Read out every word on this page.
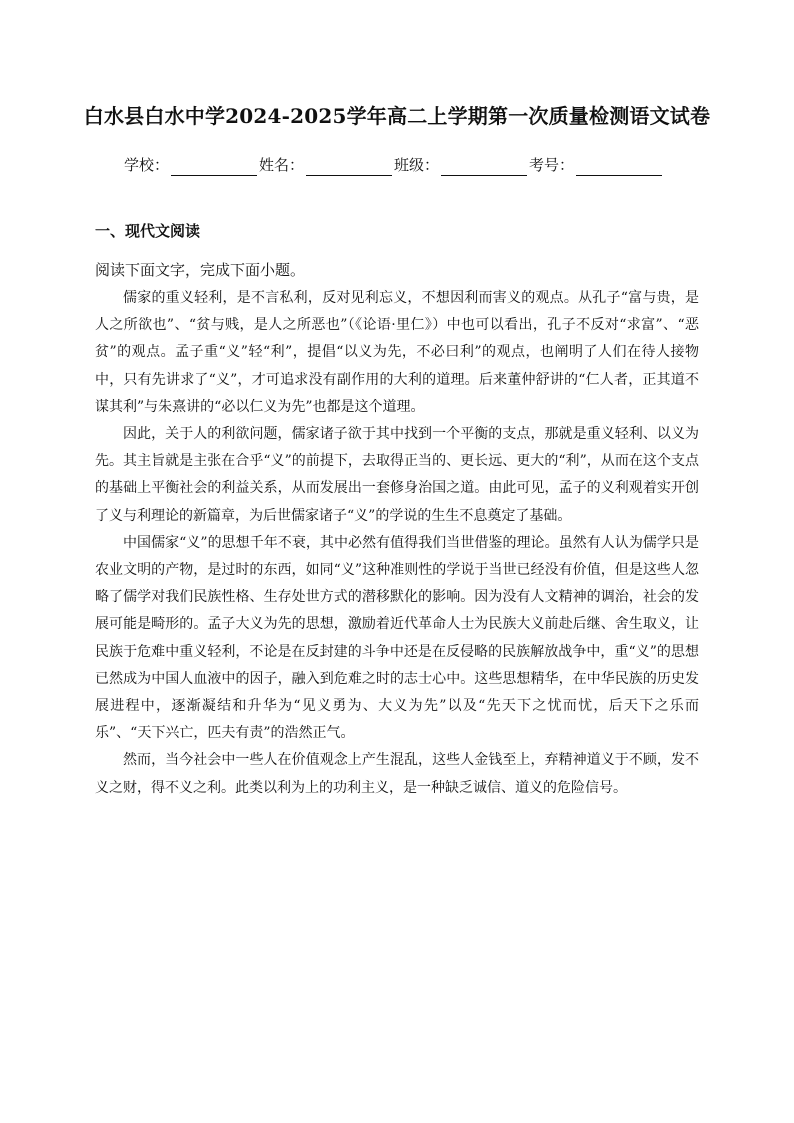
白水县白水中学2024-2025学年高二上学期第一次质量检测语文试卷
学校：	姓名：	班级：	考号：
一、现代文阅读
阅读下面文字，完成下面小题。

儒家的重义轻利，是不言私利，反对见利忘义，不想因利而害义的观点。从孔子“富与贵，是人之所欲也”、“贫与贱，是人之所恶也”（《论语·里仁》）中也可以看出，孔子不反对“求富”、“恶贫”的观点。孟子重“义”轻“利”，提倡“以义为先，不必曰利”的观点，也阐明了人们在待人接物中，只有先讲求了“义”，才可追求没有副作用的大利的道理。后来董仲舒讲的“仁人者，正其道不谋其利”与朱熹讲的“必以仁义为先”也都是这个道理。

因此，关于人的利欲问题，儒家诸子欲于其中找到一个平衡的支点，那就是重义轻利、以义为先。其主旨就是主张在合乎“义”的前提下，去取得正当的、更长远、更大的“利”，从而在这个支点的基础上平衡社会的利益关系，从而发展出一套修身治国之道。由此可见，孟子的义利观着实开创了义与利理论的新篇章，为后世儒家诸子“义”的学说的生生不息奠定了基础。

中国儒家“义”的思想千年不衰，其中必然有值得我们当世借鉴的理论。虽然有人认为儒学只是农业文明的产物，是过时的东西，如同“义”这种准则性的学说于当世已经没有价值，但是这些人忽略了儒学对我们民族性格、生存处世方式的潜移默化的影响。因为没有人文精神的调治，社会的发展可能是畸形的。孟子大义为先的思想，激励着近代革命人士为民族大义前赴后继、舍生取义，让民族于危难中重义轻利，不论是在反封建的斗争中还是在反侵略的民族解放战争中，重“义”的思想已然成为中国人血液中的因子，融入到危难之时的志士心中。这些思想精华，在中华民族的历史发展进程中，逐渐凝结和升华为“见义勇为、大义为先”以及“先天下之忧而忧，后天下之乐而乐”、“天下兴亡，匹夫有责”的浩然正气。

然而，当今社会中一些人在价值观念上产生混乱，这些人金钱至上，弃精神道义于不顾，发不义之财，得不义之利。此类以利为上的功利主义，是一种缺乏诚信、道义的危险信号。
